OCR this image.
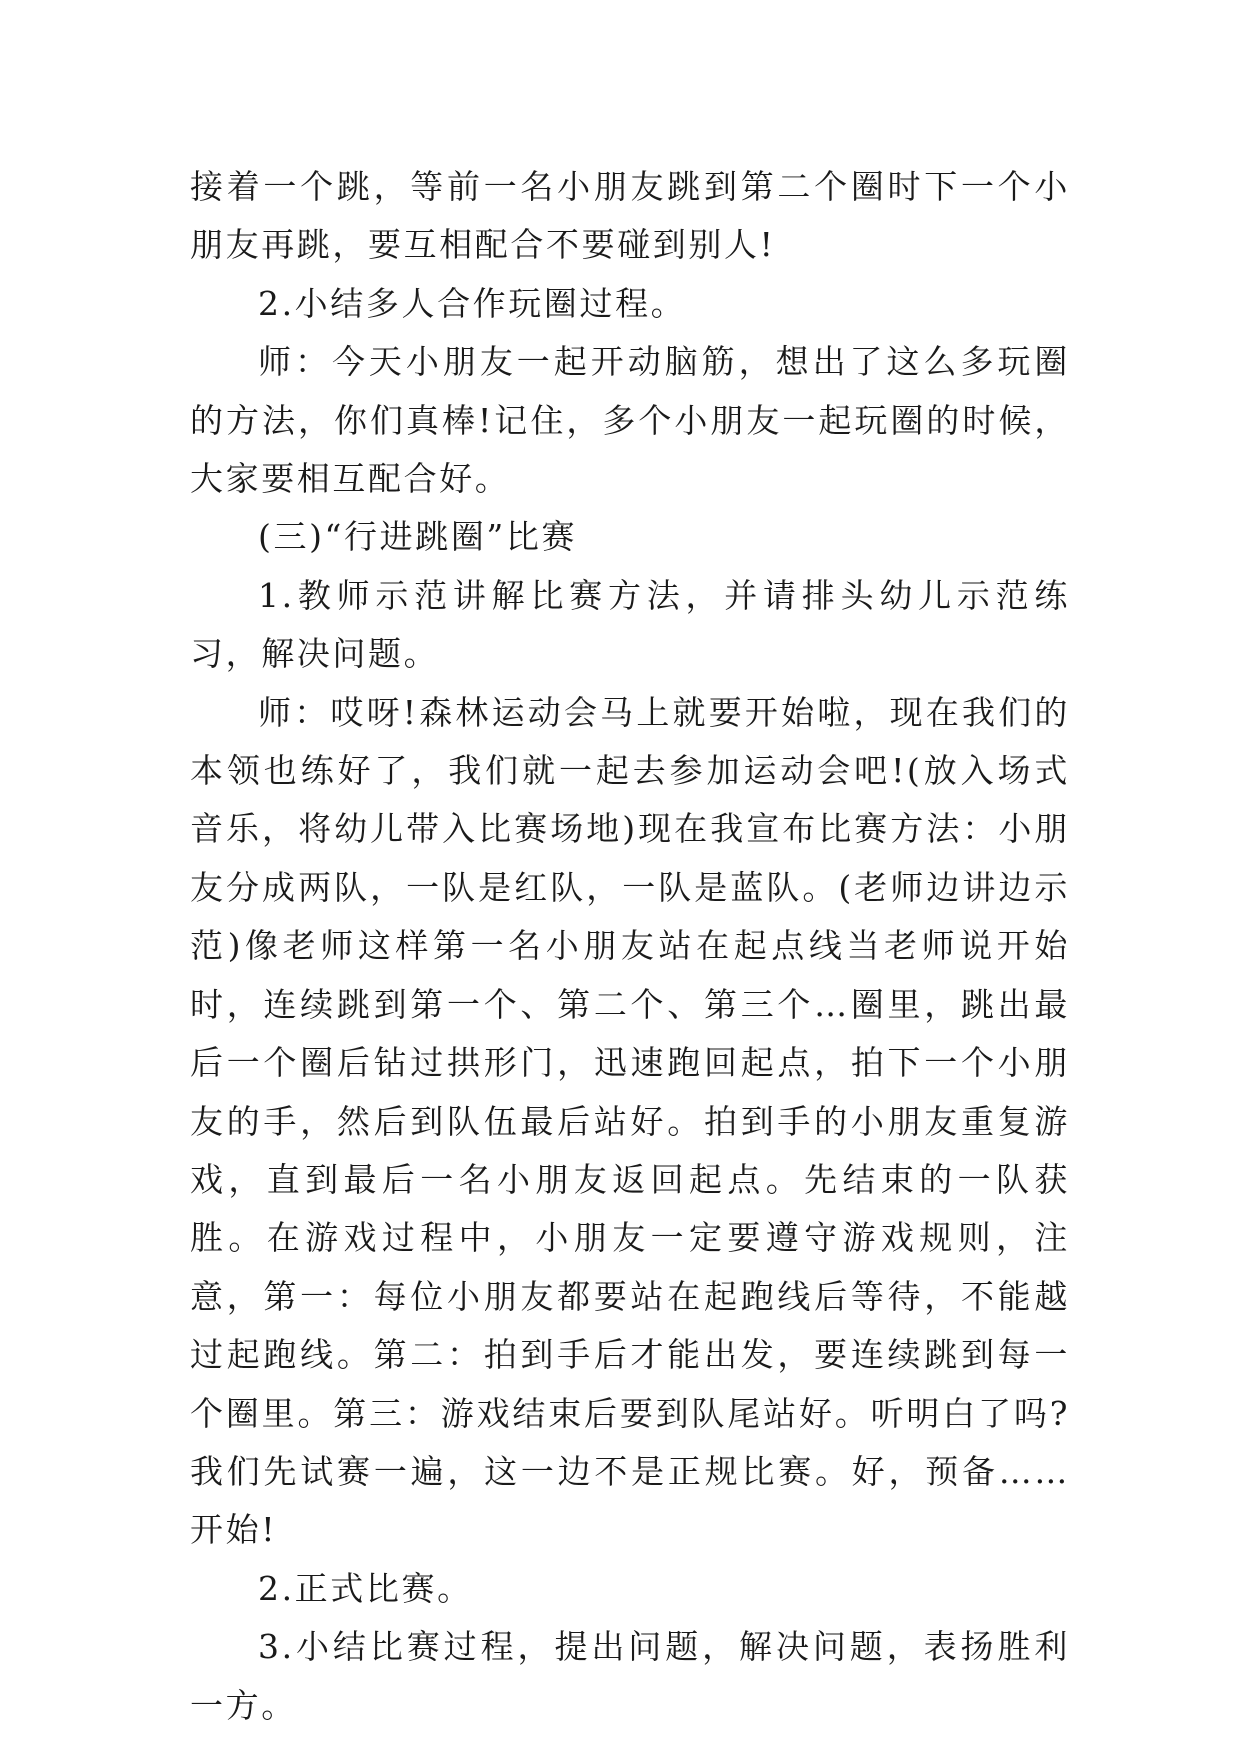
接着一个跳，等前一名小朋友跳到第二个圈时下一个小朋友再跳，要互相配合不要碰到别人!

2.小结多人合作玩圈过程。

师：今天小朋友一起开动脑筋，想出了这么多玩圈的方法，你们真棒!记住，多个小朋友一起玩圈的时候，大家要相互配合好。

(三)“行进跳圈”比赛

1.教师示范讲解比赛方法，并请排头幼儿示范练习，解决问题。

师：哎呀!森林运动会马上就要开始啦，现在我们的本领也练好了，我们就一起去参加运动会吧!(放入场式音乐，将幼儿带入比赛场地)现在我宣布比赛方法：小朋友分成两队，一队是红队，一队是蓝队。(老师边讲边示范)像老师这样第一名小朋友站在起点线当老师说开始时，连续跳到第一个、第二个、第三个…圈里，跳出最后一个圈后钻过拱形门，迅速跑回起点，拍下一个小朋友的手，然后到队伍最后站好。拍到手的小朋友重复游戏，直到最后一名小朋友返回起点。先结束的一队获胜。在游戏过程中，小朋友一定要遵守游戏规则，注意，第一：每位小朋友都要站在起跑线后等待，不能越过起跑线。第二：拍到手后才能出发，要连续跳到每一个圈里。第三：游戏结束后要到队尾站好。听明白了吗?我们先试赛一遍，这一边不是正规比赛。好，预备……开始!

2.正式比赛。

3.小结比赛过程，提出问题，解决问题，表扬胜利一方。
